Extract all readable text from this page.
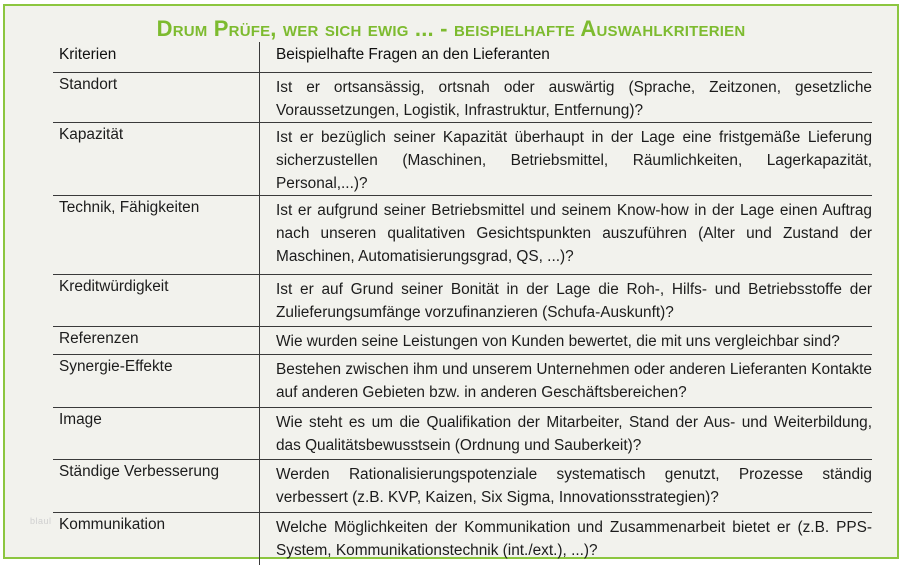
Drum Prüfe, wer sich ewig ... - beispielhafte Auswahlkriterien
Kriterien	Beispielhafte Fragen an den Lieferanten
Standort	Ist er ortsansässig, ortsnah oder auswärtig (Sprache, Zeitzonen, gesetzliche Voraussetzungen, Logistik, Infrastruktur, Entfernung)?
Kapazität	Ist er bezüglich seiner Kapazität überhaupt in der Lage eine fristgemäße Lieferung sicherzustellen (Maschinen, Betriebsmittel, Räumlichkeiten, Lagerkapazität, Personal,...)?
Technik, Fähigkeiten	Ist er aufgrund seiner Betriebsmittel und seinem Know-how in der Lage einen Auftrag nach unseren qualitativen Gesichtspunkten auszuführen (Alter und Zustand der Maschinen, Automatisierungsgrad, QS, ...)?
Kreditwürdigkeit	Ist er auf Grund seiner Bonität in der Lage die Roh-, Hilfs- und Betriebsstoffe der Zulieferungsumfänge vorzufinanzieren (Schufa-Auskunft)?
Referenzen	Wie wurden seine Leistungen von Kunden bewertet, die mit uns vergleichbar sind?
Synergie-Effekte	Bestehen zwischen ihm und unserem Unternehmen oder anderen Lieferanten Kontakte auf anderen Gebieten bzw. in anderen Geschäftsbereichen?
Image	Wie steht es um die Qualifikation der Mitarbeiter, Stand der Aus- und Weiterbildung, das Qualitätsbewusstsein (Ordnung und Sauberkeit)?
Ständige Verbesserung	Werden Rationalisierungspotenziale systematisch genutzt, Prozesse ständig verbessert (z.B. KVP, Kaizen, Six Sigma, Innovationsstrategien)?
Kommunikation	Welche Möglichkeiten der Kommunikation und Zusammenarbeit bietet er (z.B. PPS-System, Kommunikationstechnik (int./ext.), ...)?
blaul
